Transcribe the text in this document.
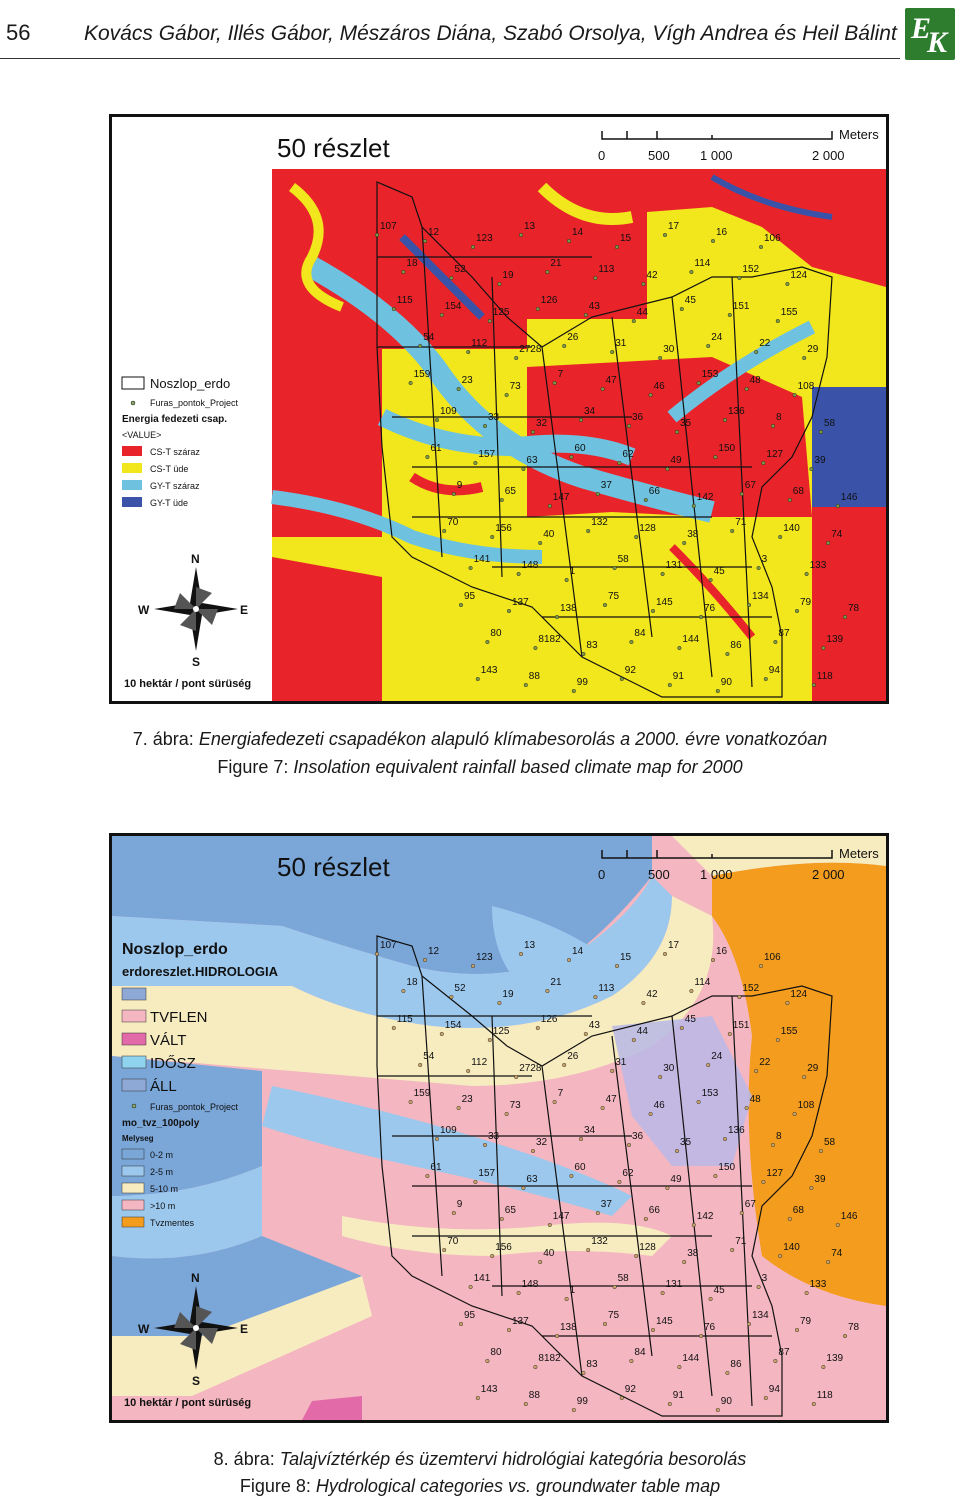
56	Kovács Gábor, Illés Gábor, Mészáros Diána, Szabó Orsolya, Vígh Andrea és Heil Bálint E
K
107
12
123
13
14
15
17
16
106
18
52
19
21
113
42
114
152
124
115
154
125
126
43
44
45
151
155
54
112
2728
26
31
30
24
22
29
159
23
73
7
47
46
153
48
108
109
33
32
34
36
35
136
8
58
61
157
63
60
62
49
150
127
39
9
65
147
37
66
142
67
68
146
70
156
40
132
128
38
71
140
74
141
148
1
58
131
45
3
133
95
137
138
75
145
76
134
79
78
80
8182
83
84
144
86
87
139
143
88
99
92
91
90
94
118
50 részlet	Meters
0	500 1 000	2 000
Noszlop_erdo
Furas_pontok_Project
Energia fedezeti csap.
<VALUE>
CS-T száraz
CS-T üde
GY-T száraz
GY-T üde
N
S
E
W
10 hektár / pont sürüség
7. ábra: Energiafedezeti csapadékon alapuló klímabesorolás a 2000. évre vonatkozóan
Figure 7: Insolation equivalent rainfall based climate map for 2000
107
12
123
13
14
15
17
16
106
18
52
19
21
113
42
114
152
124
115
154
125
126
43
44
45
151
155
54
112
2728
26
31
30
24
22
29
159
23
73
7
47
46
153
48
108
109
33
32
34
36
35
136
8
58
61
157
63
60
62
49
150
127
39
9
65
147
37
66
142
67
68
146
70
156
40
132
128
38
71
140
74
141
148
1
58
131
45
3
133
95
137
138
75
145
76
134
79
78
80
8182
83
84
144
86
87
139
143
88
99
92
91
90
94
118
50 részlet	Meters
0	500 1 000	2 000
Noszlop_erdo
erdoreszlet.HIDROLOGIA
TVFLEN
VÁLT
IDŐSZ
ÁLL
Furas_pontok_Project
mo_tvz_100poly
Melyseg
0-2 m
2-5 m
5-10 m
>10 m
Tvzmentes
N
S
E
W
10 hektár / pont sürüség
8. ábra: Talajvíztérkép és üzemtervi hidrológiai kategória besorolás
Figure 8: Hydrological categories vs. groundwater table map
